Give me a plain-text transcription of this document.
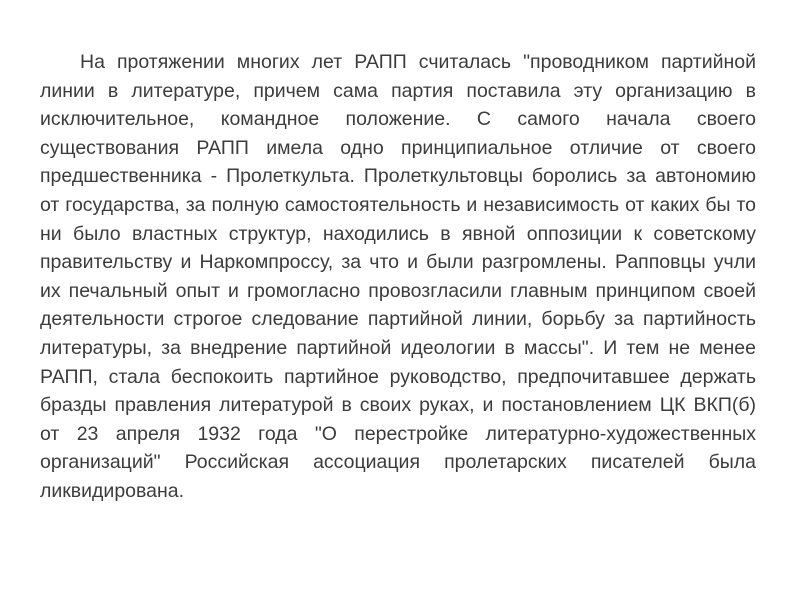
На протяжении многих лет РАПП считалась "проводником партийной линии в литературе, причем сама партия поставила эту организацию в исключительное, командное положение. С самого начала своего существования РАПП имела одно принципиальное отличие от своего предшественника - Пролеткульта. Пролеткультовцы боролись за автономию от государства, за полную самостоятельность и независимость от каких бы то ни было властных структур, находились в явной оппозиции к советскому правительству и Наркомпроссу, за что и были разгромлены. Рапповцы учли их печальный опыт и громогласно провозгласили главным принципом своей деятельности строгое следование партийной линии, борьбу за партийность литературы, за внедрение партийной идеологии в массы". И тем не менее РАПП, стала беспокоить партийное руководство, предпочитавшее держать бразды правления литературой в своих руках, и постановлением ЦК ВКП(б) от 23 апреля 1932 года "О перестройке литературно-художественных организаций" Российская ассоциация пролетарских писателей была ликвидирована.
